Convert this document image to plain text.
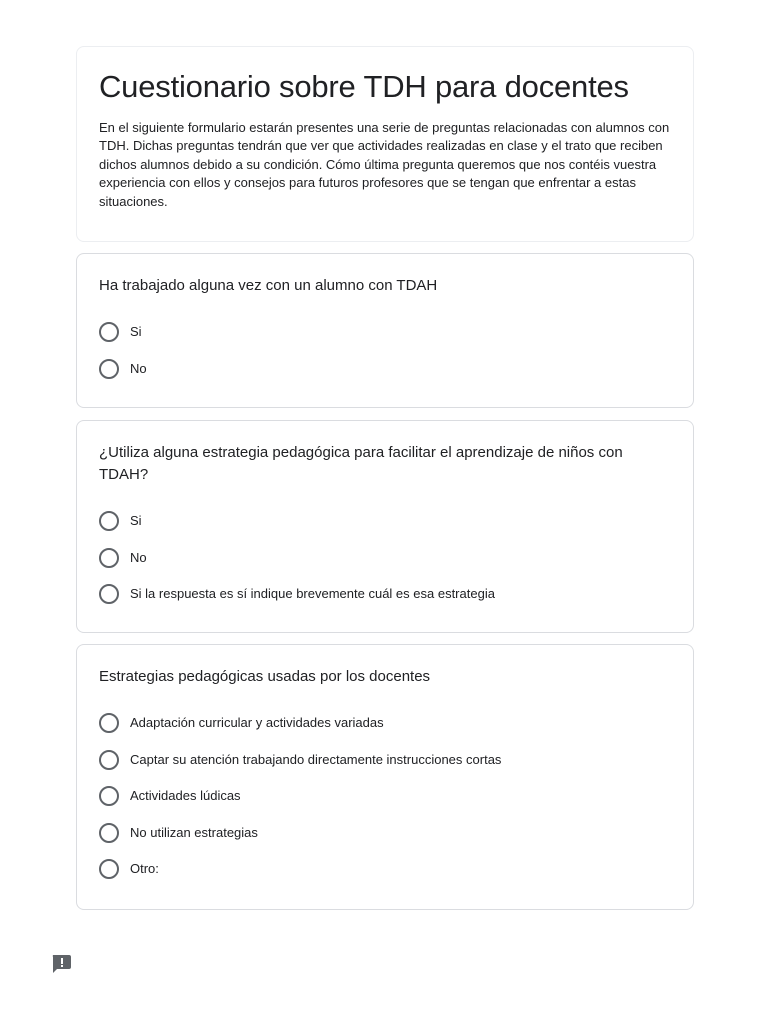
Cuestionario sobre TDH para docentes
En el siguiente formulario estarán presentes una serie de preguntas relacionadas con alumnos con TDH. Dichas preguntas tendrán que ver que actividades realizadas en clase y el trato que reciben dichos alumnos debido a su condición. Cómo última pregunta queremos que nos contéis vuestra experiencia con ellos y consejos para futuros profesores que se tengan que enfrentar a estas situaciones.
Ha trabajado alguna vez con un alumno con TDAH
Si
No
¿Utiliza alguna estrategia pedagógica para facilitar el aprendizaje de niños con TDAH?
Si
No
Si la respuesta es sí indique brevemente cuál es esa estrategia
Estrategias pedagógicas usadas por los docentes
Adaptación curricular y actividades variadas
Captar su atención trabajando directamente instrucciones cortas
Actividades lúdicas
No utilizan estrategias
Otro:
